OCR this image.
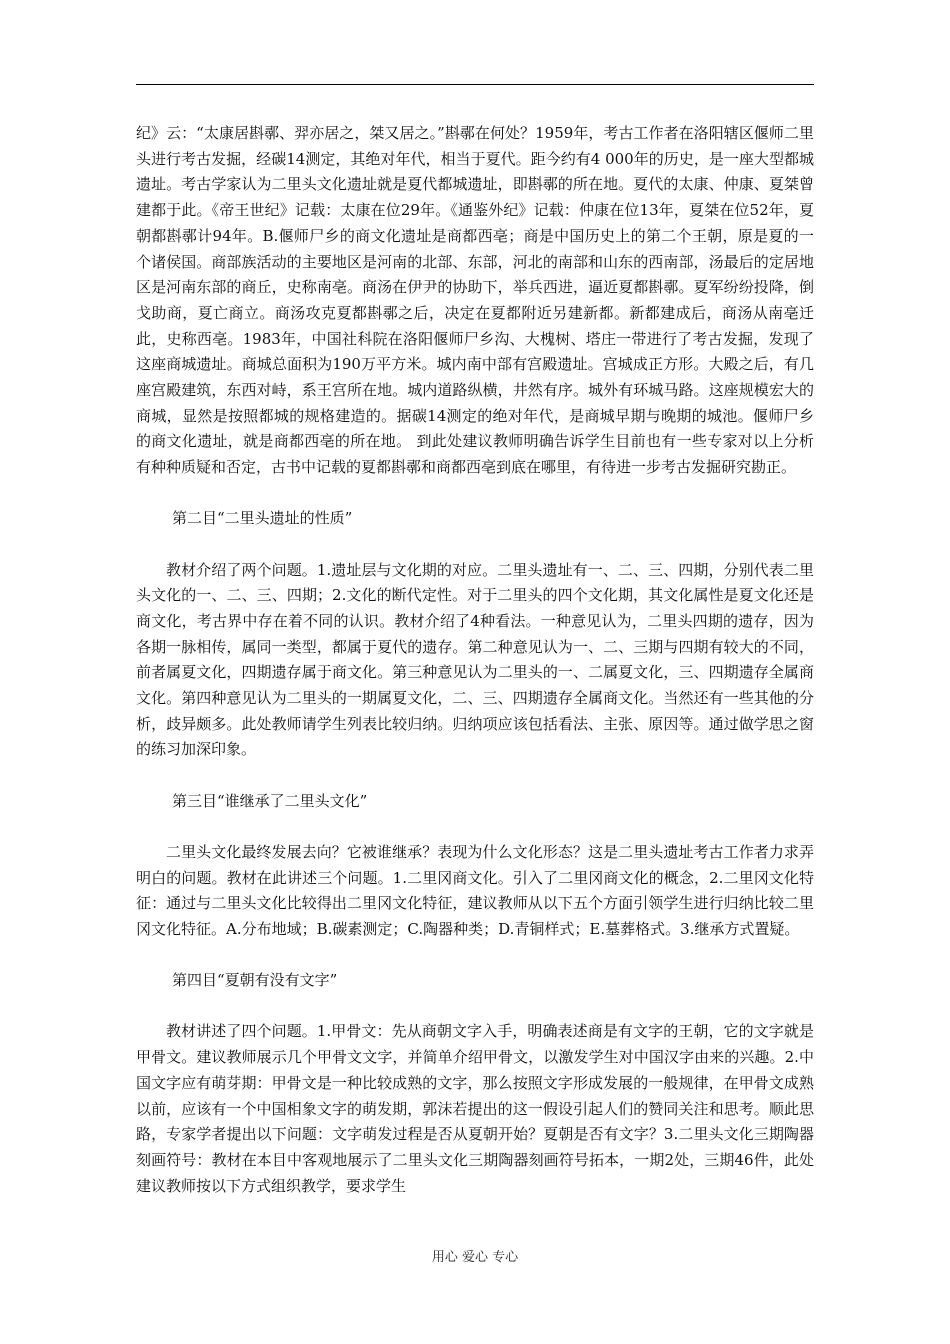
纪》云：“太康居斟鄩、羿亦居之，桀又居之。”斟鄩在何处？1959年，考古工作者在洛阳辖区偃师二里头进行考古发掘，经碳14测定，其绝对年代，相当于夏代。距今约有4 000年的历史，是一座大型都城遗址。考古学家认为二里头文化遗址就是夏代都城遗址，即斟鄩的所在地。夏代的太康、仲康、夏桀曾建都于此。《帝王世纪》记载：太康在位29年。《通鉴外纪》记载：仲康在位13年，夏桀在位52年，夏朝都斟鄩计94年。B.偃师尸乡的商文化遗址是商都西亳；商是中国历史上的第二个王朝，原是夏的一个诸侯国。商部族活动的主要地区是河南的北部、东部，河北的南部和山东的西南部，汤最后的定居地区是河南东部的商丘，史称南亳。商汤在伊尹的协助下，举兵西进，逼近夏都斟鄩。夏军纷纷投降，倒戈助商，夏亡商立。商汤攻克夏都斟鄩之后，决定在夏都附近另建新都。新都建成后，商汤从南亳迁此，史称西亳。1983年，中国社科院在洛阳偃师尸乡沟、大槐树、塔庄一带进行了考古发掘，发现了这座商城遗址。商城总面积为190万平方米。城内南中部有宫殿遗址。宫城成正方形。大殿之后，有几座宫殿建筑，东西对峙，系王宫所在地。城内道路纵横，井然有序。城外有环城马路。这座规模宏大的商城，显然是按照都城的规格建造的。据碳14测定的绝对年代，是商城早期与晚期的城池。偃师尸乡的商文化遗址，就是商都西亳的所在地。 到此处建议教师明确告诉学生目前也有一些专家对以上分析有种种质疑和否定，古书中记载的夏都斟鄩和商都西亳到底在哪里，有待进一步考古发掘研究勘正。

第二目“二里头遗址的性质”

教材介绍了两个问题。1.遗址层与文化期的对应。二里头遗址有一、二、三、四期，分别代表二里头文化的一、二、三、四期；2.文化的断代定性。对于二里头的四个文化期，其文化属性是夏文化还是商文化，考古界中存在着不同的认识。教材介绍了4种看法。一种意见认为，二里头四期的遗存，因为各期一脉相传，属同一类型，都属于夏代的遗存。第二种意见认为一、二、三期与四期有较大的不同，前者属夏文化，四期遗存属于商文化。第三种意见认为二里头的一、二属夏文化，三、四期遗存全属商文化。第四种意见认为二里头的一期属夏文化，二、三、四期遗存全属商文化。当然还有一些其他的分析，歧异颇多。此处教师请学生列表比较归纳。归纳项应该包括看法、主张、原因等。通过做学思之窗的练习加深印象。

第三目“谁继承了二里头文化”

二里头文化最终发展去向？它被谁继承？表现为什么文化形态？这是二里头遗址考古工作者力求弄明白的问题。教材在此讲述三个问题。1.二里冈商文化。引入了二里冈商文化的概念，2.二里冈文化特征：通过与二里头文化比较得出二里冈文化特征，建议教师从以下五个方面引领学生进行归纳比较二里冈文化特征。A.分布地域；B.碳素测定；C.陶器种类；D.青铜样式；E.墓葬格式。3.继承方式置疑。

第四目“夏朝有没有文字”

教材讲述了四个问题。1.甲骨文：先从商朝文字入手，明确表述商是有文字的王朝，它的文字就是甲骨文。建议教师展示几个甲骨文文字，并简单介绍甲骨文，以激发学生对中国汉字由来的兴趣。2.中国文字应有萌芽期：甲骨文是一种比较成熟的文字，那么按照文字形成发展的一般规律，在甲骨文成熟以前，应该有一个中国相象文字的萌发期，郭沫若提出的这一假设引起人们的赞同关注和思考。顺此思路，专家学者提出以下问题：文字萌发过程是否从夏朝开始？夏朝是否有文字？3.二里头文化三期陶器刻画符号：教材在本目中客观地展示了二里头文化三期陶器刻画符号拓本，一期2处，三期46件，此处建议教师按以下方式组织教学，要求学生

用心 爱心 专心
